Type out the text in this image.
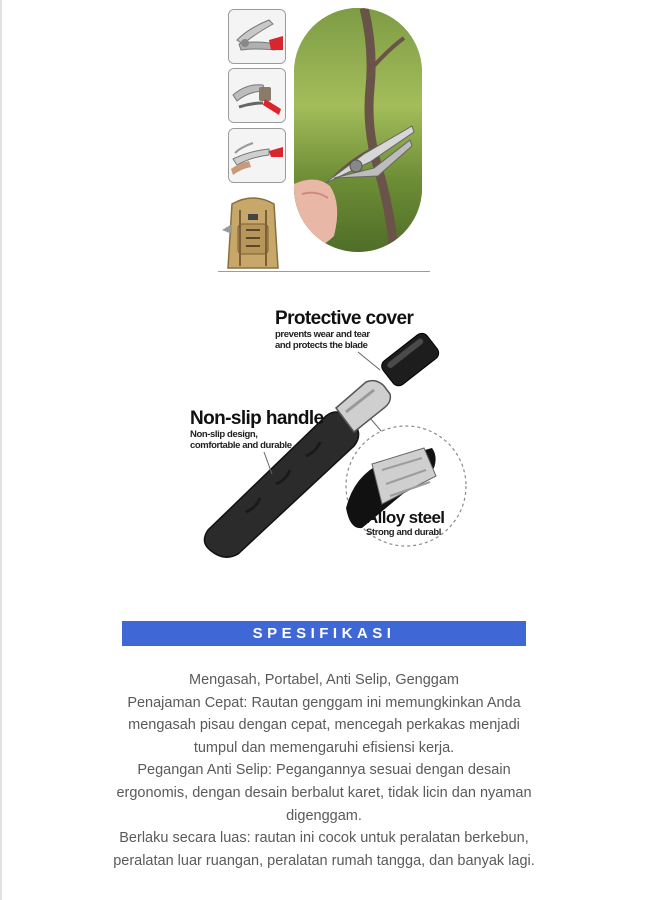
Protective cover
prevents wear and tear
and protects the blade
Non-slip handle
Non-slip design,
comfortable and durable
Alloy steel
Strong and durabl
SPESIFIKASI

Mengasah, Portabel, Anti Selip, Genggam

Penajaman Cepat: Rautan genggam ini memungkinkan Anda mengasah pisau dengan cepat, mencegah perkakas menjadi tumpul dan memengaruhi efisiensi kerja.

Pegangan Anti Selip: Pegangannya sesuai dengan desain ergonomis, dengan desain berbalut karet, tidak licin dan nyaman digenggam.

Berlaku secara luas: rautan ini cocok untuk peralatan berkebun, peralatan luar ruangan, peralatan rumah tangga, dan banyak lagi.
